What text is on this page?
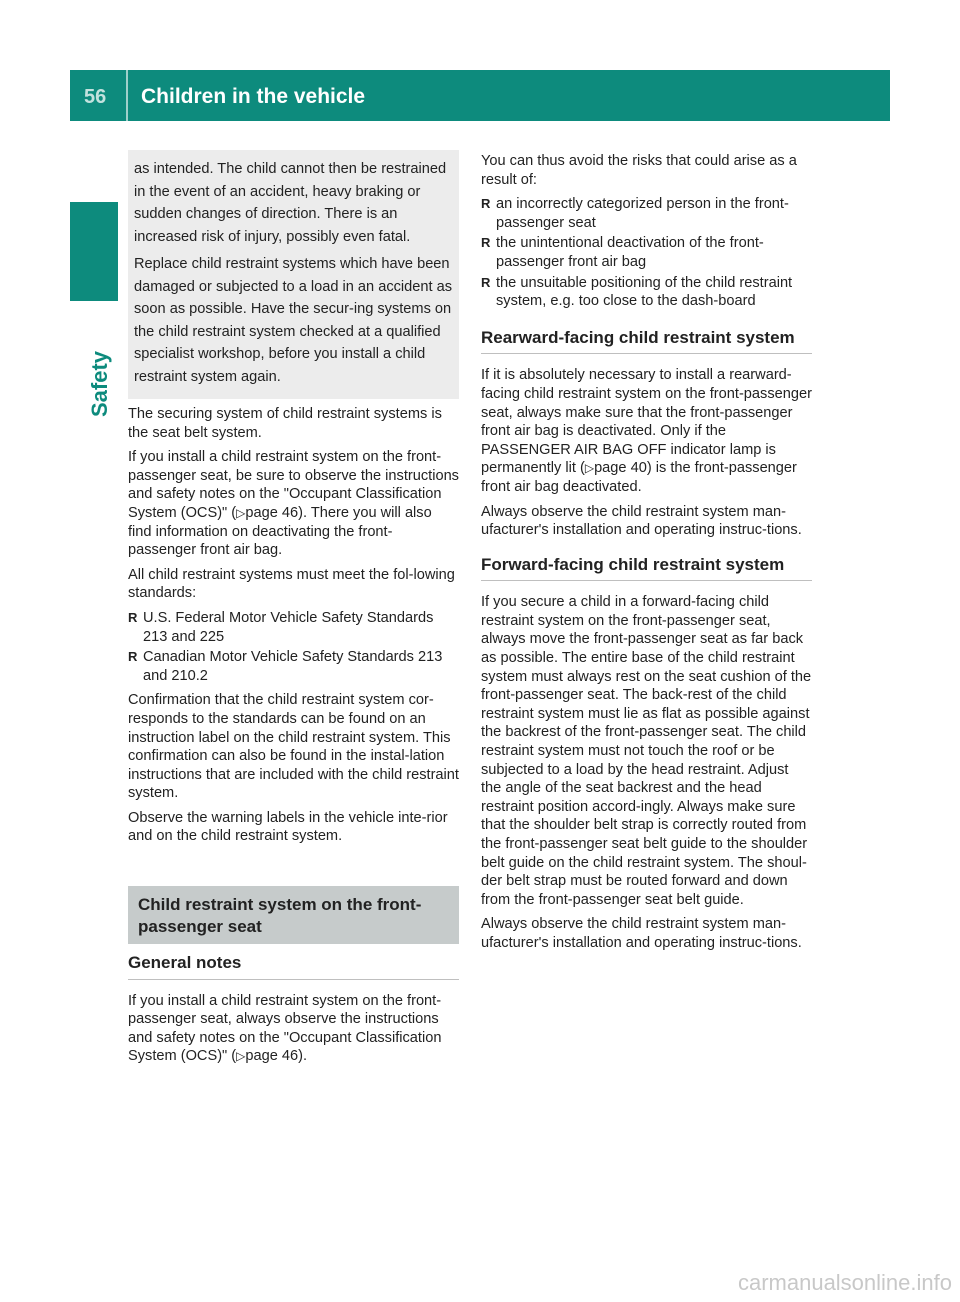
56 Children in the vehicle
Safety

as intended. The child cannot then be restrained in the event of an accident, heavy braking or sudden changes of direction. There is an increased risk of injury, possibly even fatal.

Replace child restraint systems which have been damaged or subjected to a load in an accident as soon as possible. Have the secur-ing systems on the child restraint system checked at a qualified specialist workshop, before you install a child restraint system again.

The securing system of child restraint systems is the seat belt system.

If you install a child restraint system on the front-passenger seat, be sure to observe the instructions and safety notes on the "Occupant Classification System (OCS)" (▷page 46). There you will also find information on deactivating the front-passenger front air bag.

All child restraint systems must meet the fol-lowing standards:

R U.S. Federal Motor Vehicle Safety Standards 213 and 225
R Canadian Motor Vehicle Safety Standards 213 and 210.2

Confirmation that the child restraint system cor-responds to the standards can be found on an instruction label on the child restraint system. This confirmation can also be found in the instal-lation instructions that are included with the child restraint system.

Observe the warning labels in the vehicle inte-rior and on the child restraint system.

Child restraint system on the front-passenger seat
General notes

If you install a child restraint system on the front-passenger seat, always observe the instructions and safety notes on the "Occupant Classification System (OCS)" (▷page 46).

You can thus avoid the risks that could arise as a result of:

R an incorrectly categorized person in the front-passenger seat
R the unintentional deactivation of the front-passenger front air bag
R the unsuitable positioning of the child restraint system, e.g. too close to the dash-board
Rearward-facing child restraint system

If it is absolutely necessary to install a rearward-facing child restraint system on the front-passenger seat, always make sure that the front-passenger front air bag is deactivated. Only if the PASSENGER AIR BAG OFF indicator lamp is permanently lit (▷page 40) is the front-passenger front air bag deactivated.

Always observe the child restraint system man-ufacturer's installation and operating instruc-tions.

Forward-facing child restraint system

If you secure a child in a forward-facing child restraint system on the front-passenger seat, always move the front-passenger seat as far back as possible. The entire base of the child restraint system must always rest on the seat cushion of the front-passenger seat. The back-rest of the child restraint system must lie as flat as possible against the backrest of the front-passenger seat. The child restraint system must not touch the roof or be subjected to a load by the head restraint. Adjust the angle of the seat backrest and the head restraint position accord-ingly. Always make sure that the shoulder belt strap is correctly routed from the front-passenger seat belt guide to the shoulder belt guide on the child restraint system. The shoul-der belt strap must be routed forward and down from the front-passenger seat belt guide.

Always observe the child restraint system man-ufacturer's installation and operating instruc-tions.

carmanualsonline.info
